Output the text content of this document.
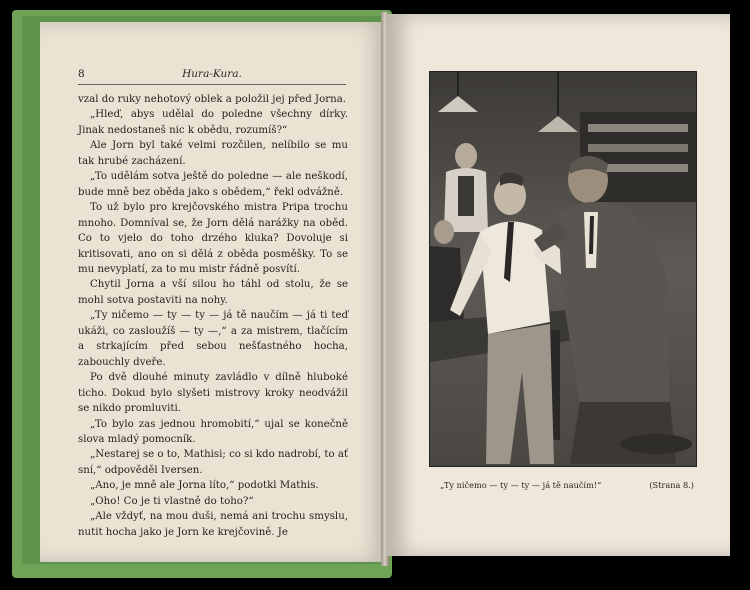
8	Hura-Kura.

vzal do ruky nehotový oblek a položil jej před Jorna.

„Hleď, abys udělal do poledne všechny dírky. Jinak nedostaneš nic k obědu, rozumíš?“

Ale Jorn byl také velmi rozčilen, nelíbilo se mu tak hrubé zacházení.

„To udělám sotva ještě do poledne — ale neškodí, bude mně bez oběda jako s obědem,“ řekl odvážně.

To už bylo pro krejčovského mistra Pripa trochu mnoho. Domníval se, že Jorn dělá narážky na oběd. Co to vjelo do toho drzého kluka? Dovoluje si kritisovati, ano on si dělá z oběda posměšky. To se mu nevyplatí, za to mu mistr řádně posvítí.

Chytil Jorna a vší silou ho táhl od stolu, že se mohl sotva postaviti na nohy.

„Ty ničemo — ty — ty — já tě naučím — já ti teď ukáži, co zasloužíš — ty —,“ a za mistrem, tlačícím a strkajícím před sebou nešťastného hocha, zabouchly dveře.

Po dvě dlouhé minuty zavládlo v dílně hluboké ticho. Dokud bylo slyšeti mistrovy kroky neodvážil se nikdo promluviti.

„To bylo zas jednou hromobití,“ ujal se konečně slova mladý pomocník.

„Nestarej se o to, Mathisi; co si kdo nadrobí, to ať sní,“ odpověděl Iversen.

„Ano, je mně ale Jorna líto,“ podotkl Mathis.

„Oho! Co je ti vlastně do toho?“

„Ale vždyť, na mou duši, nemá ani trochu smyslu, nutit hocha jako je Jorn ke krejčovině. Je

„Ty ničemo — ty — ty — já tě naučím!“	(Strana 8.)
